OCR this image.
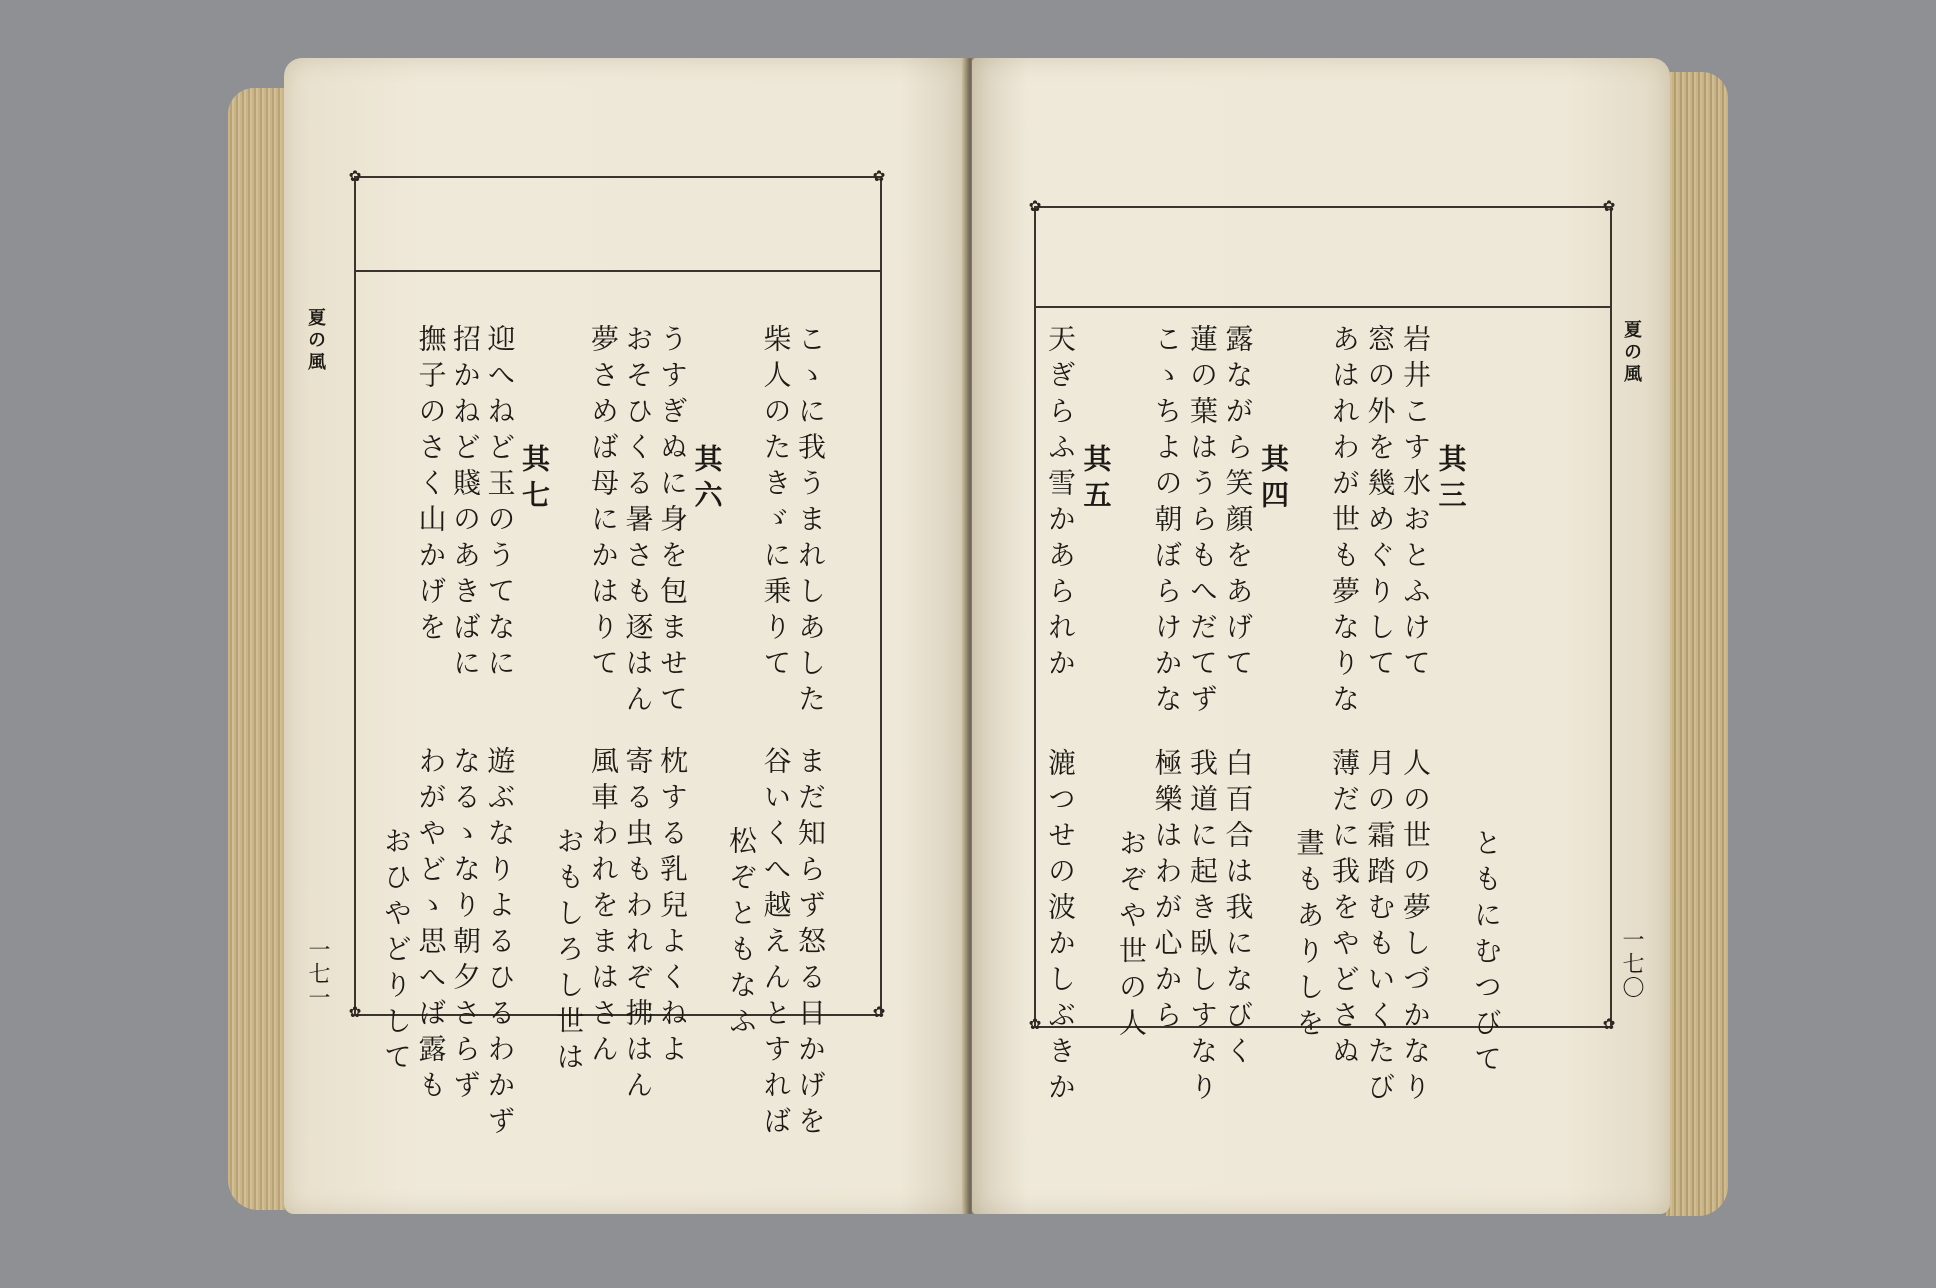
✿	✿
✿	✿
夏の風
一七一
こゝに我うまれしあした
まだ知らず怒る日かげを
柴人のたきゞに乗りて
谷いくへ越えんとすれば
松ぞともなふ
其六
うすぎぬに身を包ませて
枕する乳兒よくねよ
おそひくる暑さも逐はん
寄る虫もわれぞ拂はん
夢さめば母にかはりて
風車われをまはさん
おもしろし世は
其七
迎へねど玉のうてなに
遊ぶなりよるひるわかず
招かねど賤のあきばに
なるゝなり朝夕さらず
撫子のさく山かげを
わがやどゝ思へば露も
おひやどりして
✿	✿
✿	✿
夏の風
一七〇
ともにむつびて
其三
岩井こす水おとふけて
人の世の夢しづかなり
窓の外を幾めぐりして
月の霜踏むもいくたび
あはれわが世も夢なりな
薄だに我をやどさぬ
晝もありしを
其四
露ながら笑顔をあげて
白百合は我になびく
蓮の葉はうらもへだてず
我道に起き臥しすなり
こゝちよの朝ぼらけかな
極樂はわが心から
おぞや世の人
其五
天ぎらふ雪かあられか
漉つせの波かしぶきか
